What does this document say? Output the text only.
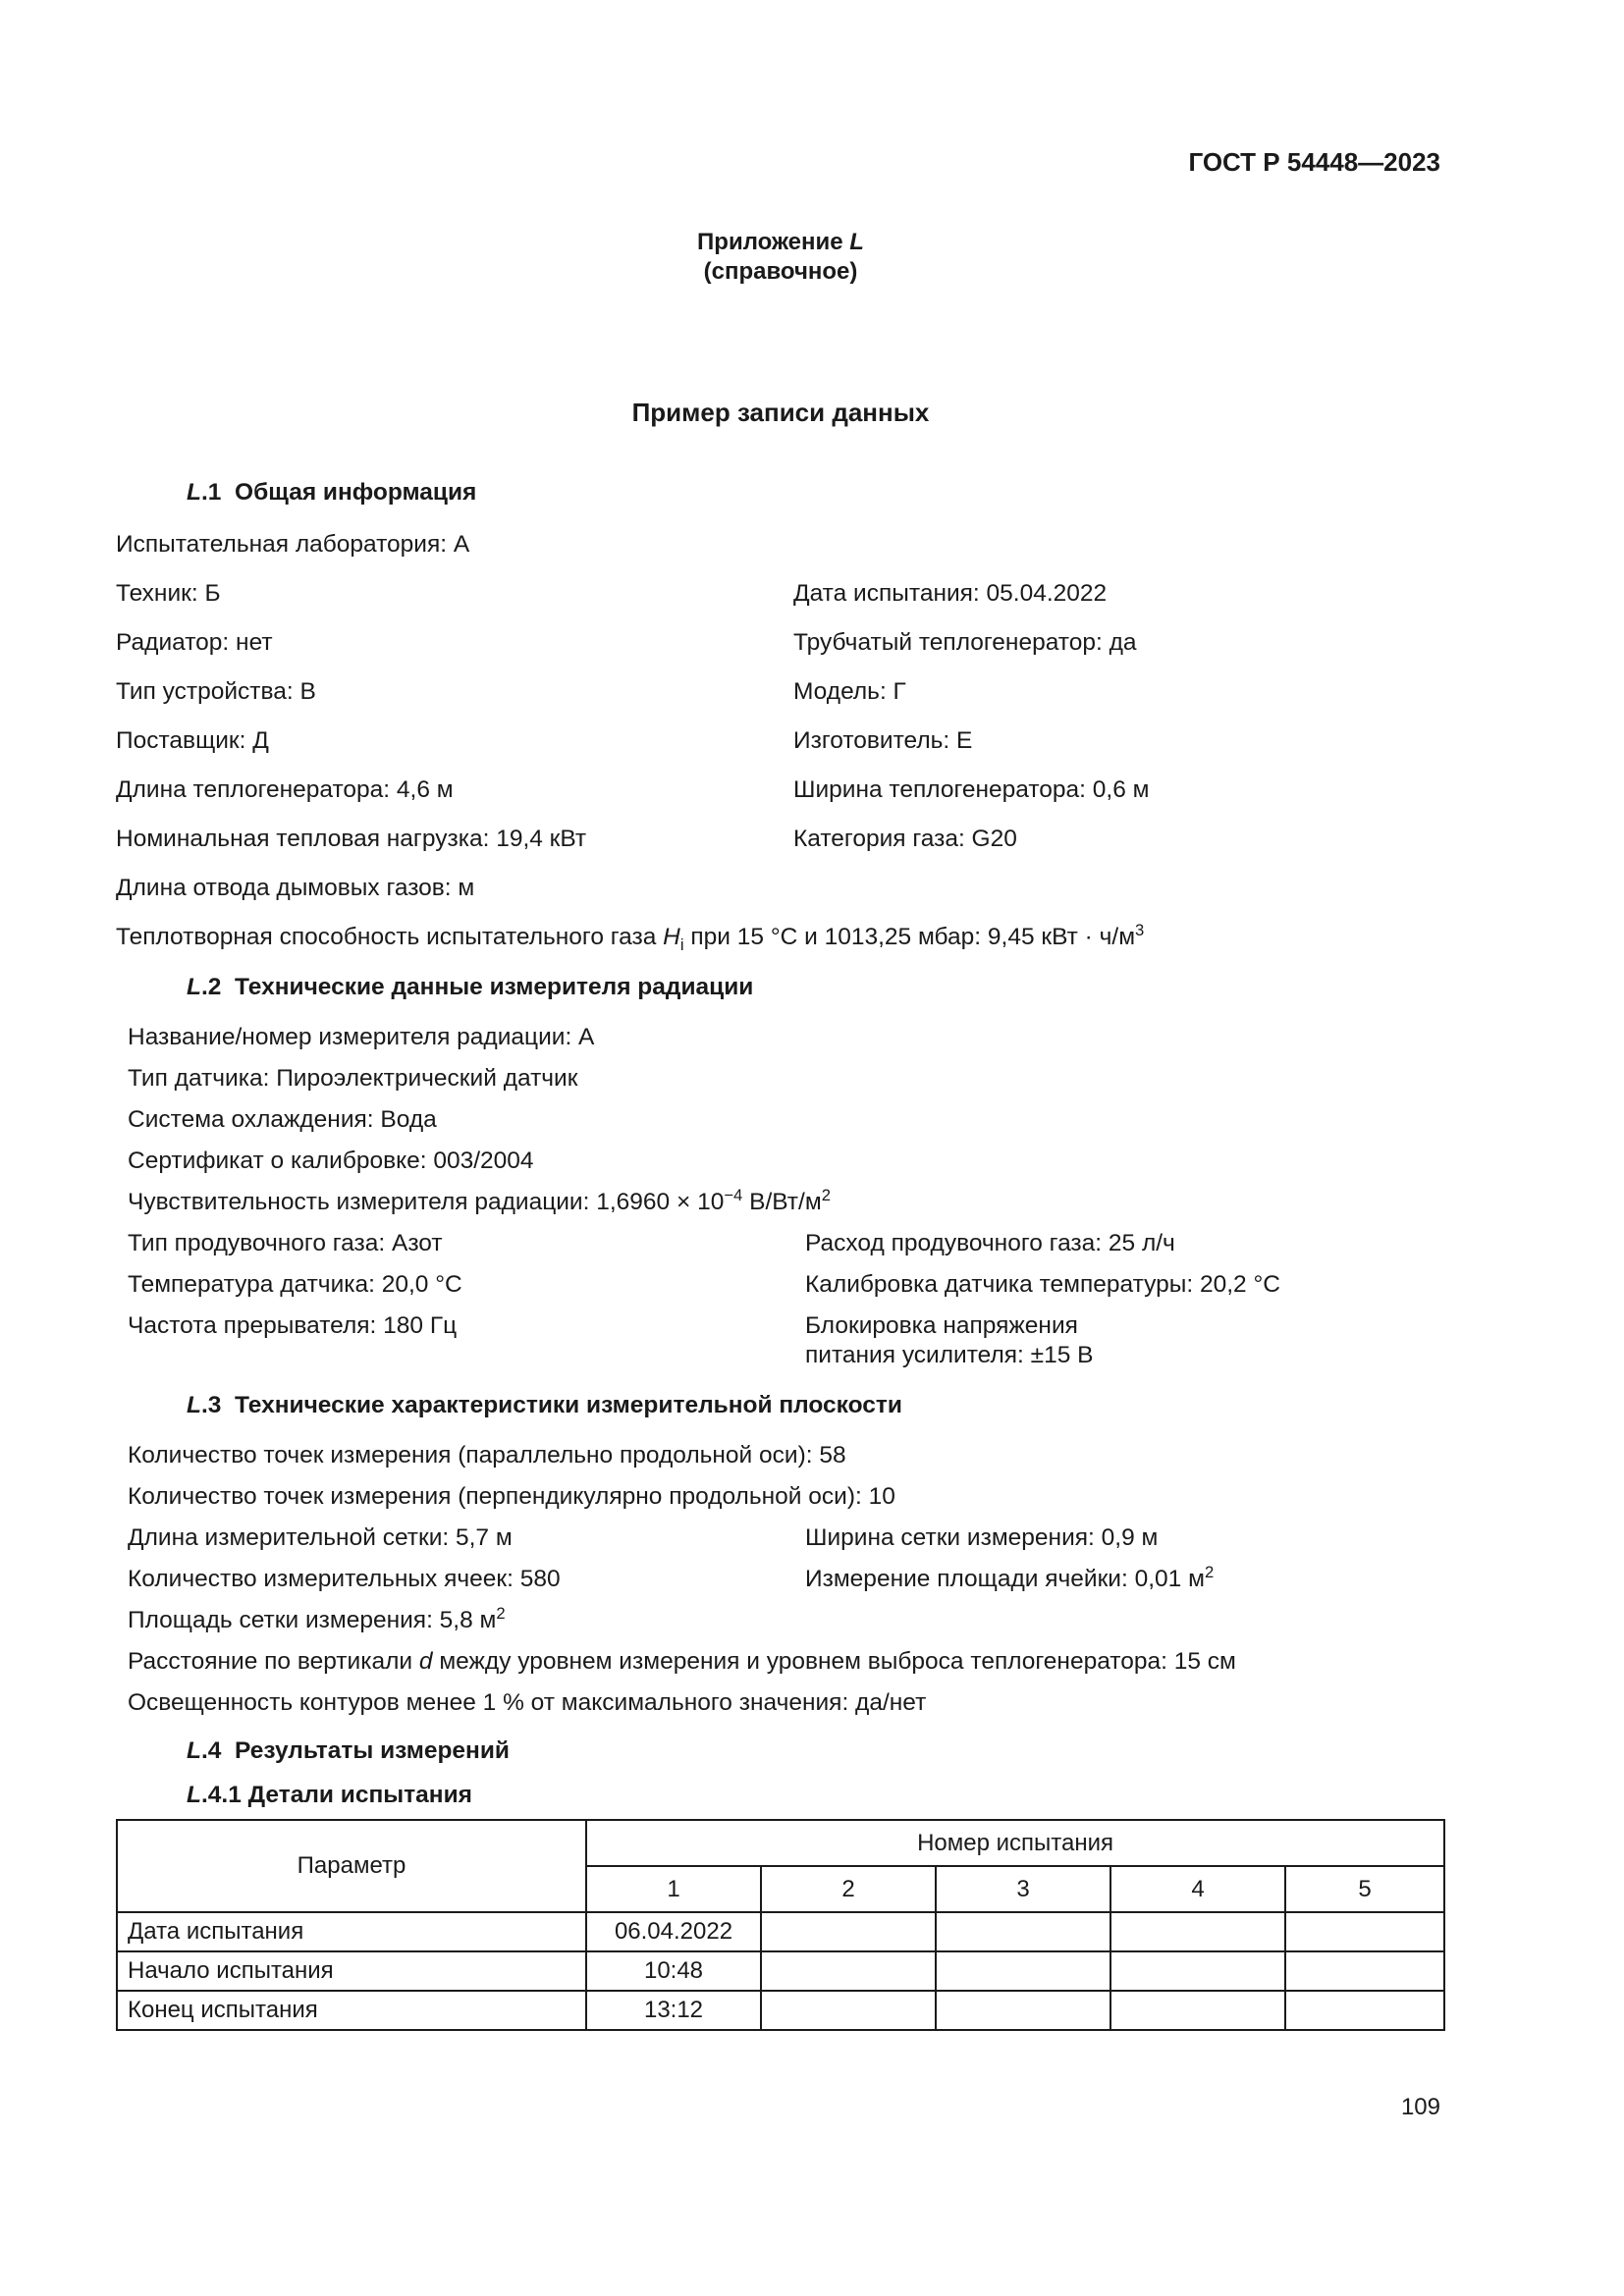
ГОСТ Р 54448—2023
Приложение L
(справочное)
Пример записи данных
L.1 Общая информация
Испытательная лаборатория: А
Техник: Б	Дата испытания: 05.04.2022
Радиатор: нет	Трубчатый теплогенератор: да
Тип устройства: В	Модель: Г
Поставщик: Д	Изготовитель: Е
Длина теплогенератора: 4,6 м	Ширина теплогенератора: 0,6 м
Номинальная тепловая нагрузка: 19,4 кВт	Категория газа: G20
Длина отвода дымовых газов: м
Теплотворная способность испытательного газа $H_i$ при 15 °С и 1013,25 мбар: 9,45 кВт · $ч/м^3$
L.2 Технические данные измерителя радиации
Название/номер измерителя радиации: А
Тип датчика: Пироэлектрический датчик
Система охлаждения: Вода
Сертификат о калибровке: 003/2004
Чувствительность измерителя радиации: $1,6960 \times 10^{-4}$ $В/Вт/м^2$
Тип продувочного газа: Азот	Расход продувочного газа: 25 л/ч
Температура датчика: 20,0 °С	Калибровка датчика температуры: 20,2 °С
Частота прерывателя: 180 Гц	Блокировка напряжения
питания усилителя: ±15 В
L.3 Технические характеристики измерительной плоскости
Количество точек измерения (параллельно продольной оси): 58
Количество точек измерения (перпендикулярно продольной оси): 10
Длина измерительной сетки: 5,7 м	Ширина сетки измерения: 0,9 м
Количество измерительных ячеек: 580	Измерение площади ячейки: 0,01 $м^2$
Площадь сетки измерения: 5,8 $м^2$
Расстояние по вертикали d между уровнем измерения и уровнем выброса теплогенератора: 15 см
Освещенность контуров менее 1 % от максимального значения: да/нет
L.4 Результаты измерений
L.4.1 Детали испытания
Параметр	Номер испытания				
	1	2	3	4	5
Дата испытания	06.04.2022				
Начало испытания	10:48				
Конец испытания	13:12				
109
